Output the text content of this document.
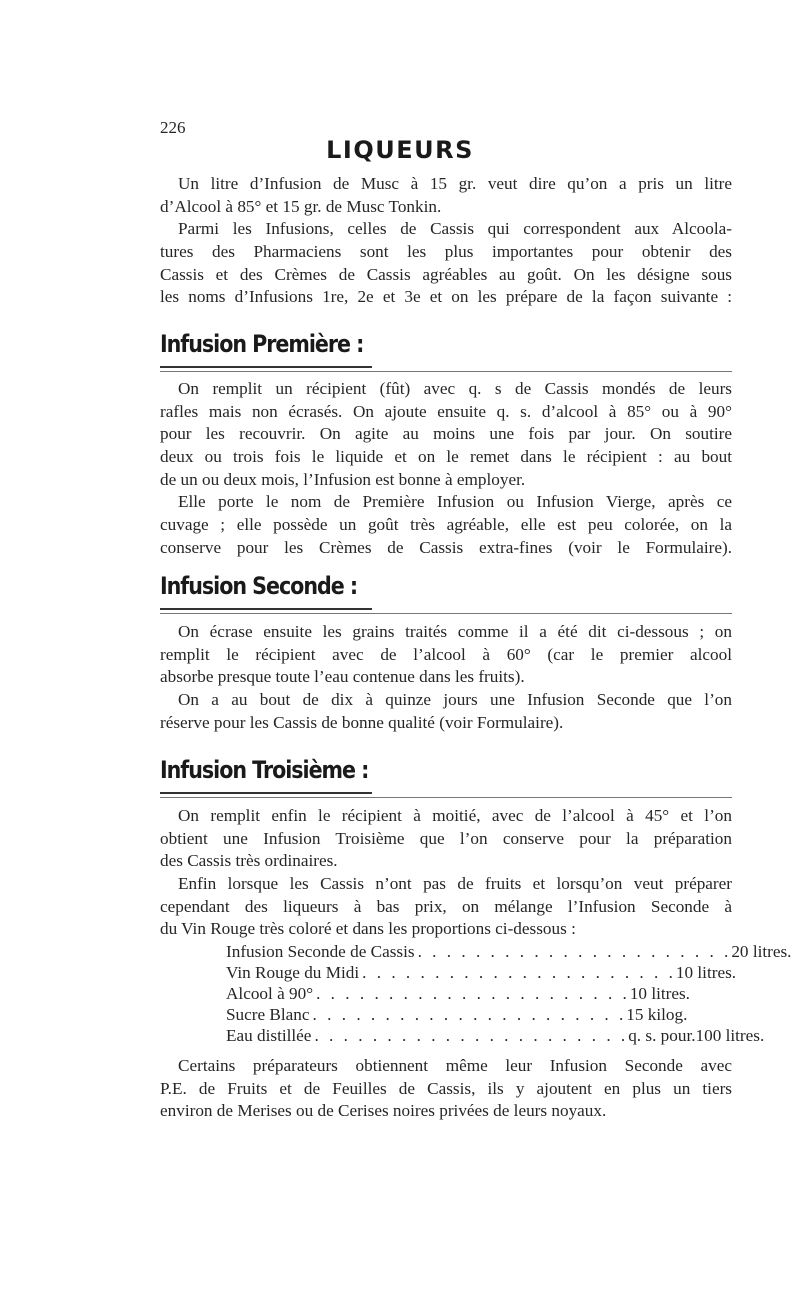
226
LIQUEURS
Un litre d’Infusion de Musc à 15 gr. veut dire qu’on a pris un litre
d’Alcool à 85° et 15 gr. de Musc Tonkin.
Parmi les Infusions, celles de Cassis qui correspondent aux Alcoola-
tures des Pharmaciens sont les plus importantes pour obtenir des
Cassis et des Crèmes de Cassis agréables au goût. On les désigne sous
les noms d’Infusions 1re, 2e et 3e et on les prépare de la façon suivante :
Infusion Première :
On remplit un récipient (fût) avec q. s de Cassis mondés de leurs
rafles mais non écrasés. On ajoute ensuite q. s. d’alcool à 85° ou à 90°
pour les recouvrir. On agite au moins une fois par jour. On soutire
deux ou trois fois le liquide et on le remet dans le récipient : au bout
de un ou deux mois, l’Infusion est bonne à employer.
Elle porte le nom de Première Infusion ou Infusion Vierge, après ce
cuvage ; elle possède un goût très agréable, elle est peu colorée, on la
conserve pour les Crèmes de Cassis extra-fines (voir le Formulaire).
Infusion Seconde :
On écrase ensuite les grains traités comme il a été dit ci-dessous ; on
remplit le récipient avec de l’alcool à 60° (car le premier alcool
absorbe presque toute l’eau contenue dans les fruits).
On a au bout de dix à quinze jours une Infusion Seconde que l’on
réserve pour les Cassis de bonne qualité (voir Formulaire).
Infusion Troisième :
On remplit enfin le récipient à moitié, avec de l’alcool à 45° et l’on
obtient une Infusion Troisième que l’on conserve pour la préparation
des Cassis très ordinaires.
Enfin lorsque les Cassis n’ont pas de fruits et lorsqu’on veut préparer
cependant des liqueurs à bas prix, on mélange l’Infusion Seconde à
du Vin Rouge très coloré et dans les proportions ci-dessous :
Infusion Seconde de Cassis . . . . . . . . . . . . . . . . . . . . . . 20 litres.
Vin Rouge du Midi . . . . . . . . . . . . . . . . . . . . . . 10 litres.
Alcool à 90° . . . . . . . . . . . . . . . . . . . . . . 10 litres.
Sucre Blanc . . . . . . . . . . . . . . . . . . . . . . 15 kilog.
Eau distillée . . . . . . . . . . . . . . . . . . . . . . q. s. pour. 100 litres.
Certains préparateurs obtiennent même leur Infusion Seconde avec
P.E. de Fruits et de Feuilles de Cassis, ils y ajoutent en plus un tiers
environ de Merises ou de Cerises noires privées de leurs noyaux.
